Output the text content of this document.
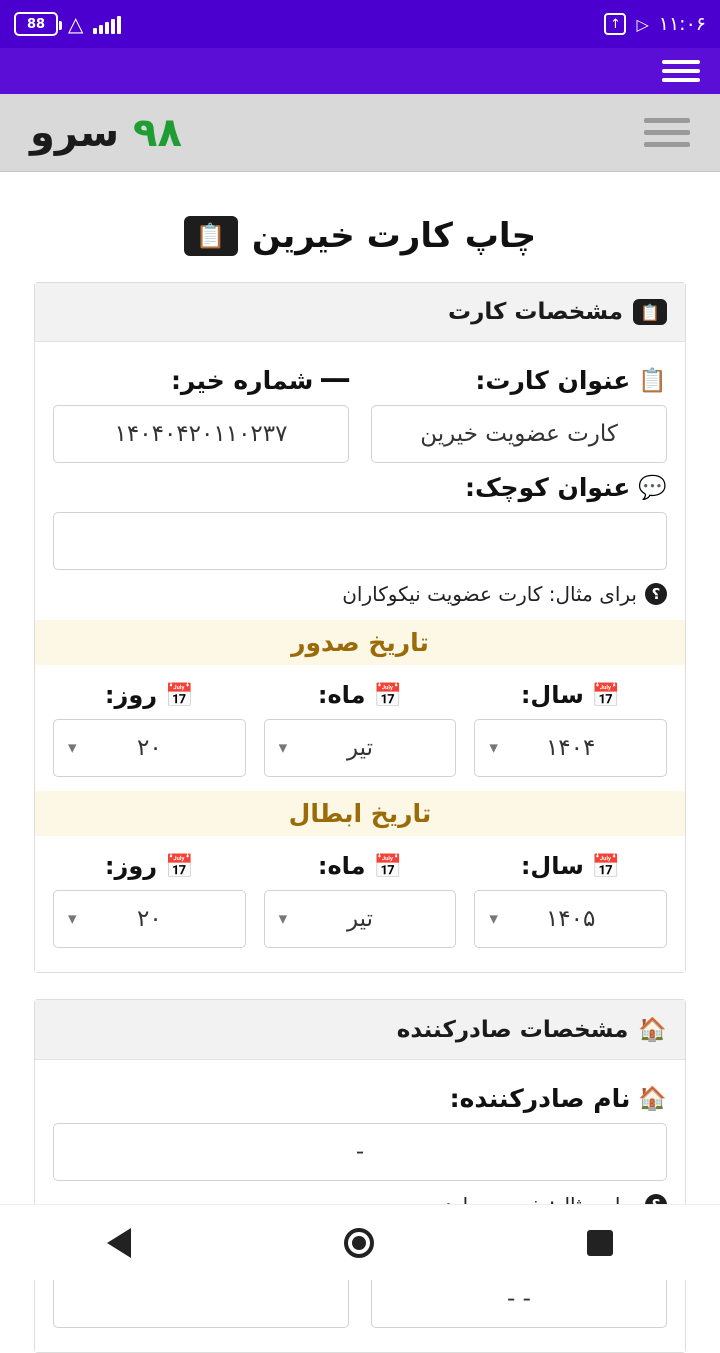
88 △	↑ ▷ ۱۱:۰۶
۹۸ سرو
چاپ کارت خیرین
📋
📋
مشخصات کارت
📋
عنوان کارت:
کارت عضویت خیرین
━━
شماره خیر:
۱۴۰۴۰۴۲۰۱۱۰۲۳۷
💬
عنوان کوچک:
؟
برای مثال: کارت عضویت نیکوکاران
تاریخ صدور
📅
سال:
۱۴۰۴
▾
📅
ماه:
تیر
▾
📅
روز:
۲۰
▾
تاریخ ابطال
📅
سال:
۱۴۰۵
▾
📅
ماه:
تیر
▾
📅
روز:
۲۰
▾
🏠
مشخصات صادرکننده
🏠
نام صادرکننده:
-
- -
